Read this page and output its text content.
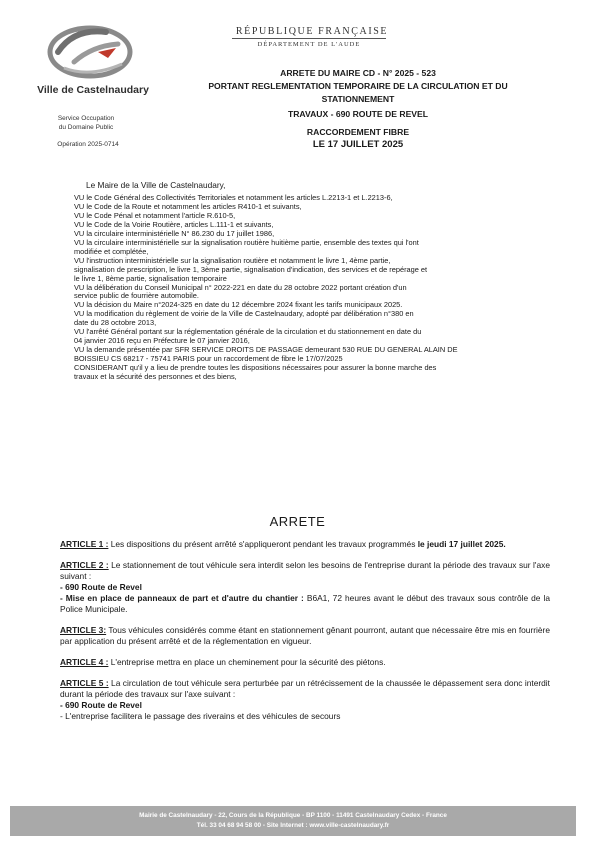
Ville de Castelnaudary
Service Occupation
du Domaine Public
Opération 2025-0714
RÉPUBLIQUE FRANÇAISE
DÉPARTEMENT DE L'AUDE
ARRETE DU MAIRE CD - N° 2025 - 523
PORTANT REGLEMENTATION TEMPORAIRE DE LA CIRCULATION ET DU
STATIONNEMENT
TRAVAUX - 690 ROUTE DE REVEL
RACCORDEMENT FIBRE
LE 17 JUILLET 2025
Le Maire de la Ville de Castelnaudary,

VU le Code Général des Collectivités Territoriales et notamment les articles L.2213-1 et L.2213-6,

VU le Code de la Route et notamment les articles R410-1 et suivants,

VU le Code Pénal et notamment l'article R.610-5,

VU le Code de la Voirie Routière, articles L.111-1 et suivants,

VU la circulaire interministérielle N° 86.230 du 17 juillet 1986,

VU la circulaire interministérielle sur la signalisation routière huitième partie, ensemble des textes qui l'ont

modifiée et complétée,

VU l'instruction interministérielle sur la signalisation routière et notamment le livre 1, 4ème partie,

signalisation de prescription, le livre 1, 3ème partie, signalisation d'indication, des services et de repérage et

le livre 1, 8ème partie, signalisation temporaire

VU la délibération du Conseil Municipal n° 2022-221 en date du 28 octobre 2022 portant création d'un

service public de fourrière automobile.

VU la décision du Maire n°2024-325 en date du 12 décembre 2024 fixant les tarifs municipaux 2025.

VU la modification du règlement de voirie de la Ville de Castelnaudary, adopté par délibération n°380 en

date du 28 octobre 2013,

VU l'arrêté Général portant sur la réglementation générale de la circulation et du stationnement en date du

04 janvier 2016 reçu en Préfecture le 07 janvier 2016,

VU la demande présentée par SFR SERVICE DROITS DE PASSAGE demeurant 530 RUE DU GENERAL ALAIN DE

BOISSIEU CS 68217 - 75741 PARIS pour un raccordement de fibre le 17/07/2025

CONSIDERANT qu'il y a lieu de prendre toutes les dispositions nécessaires pour assurer la bonne marche des

travaux et la sécurité des personnes et des biens,

ARRETE

ARTICLE 1 : Les dispositions du présent arrêté s'appliqueront pendant les travaux programmés le jeudi 17 juillet 2025.

ARTICLE 2 : Le stationnement de tout véhicule sera interdit selon les besoins de l'entreprise durant la période des travaux sur l'axe suivant :
- 690 Route de Revel
- Mise en place de panneaux de part et d'autre du chantier : B6A1, 72 heures avant le début des travaux sous contrôle de la Police Municipale.

ARTICLE 3: Tous véhicules considérés comme étant en stationnement gênant pourront, autant que nécessaire être mis en fourrière par application du présent arrêté et de la réglementation en vigueur.

ARTICLE 4 : L'entreprise mettra en place un cheminement pour la sécurité des piétons.

ARTICLE 5 : La circulation de tout véhicule sera perturbée par un rétrécissement de la chaussée le dépassement sera donc interdit durant la période des travaux sur l'axe suivant :
- 690 Route de Revel
- L'entreprise facilitera le passage des riverains et des véhicules de secours

Mairie de Castelnaudary - 22, Cours de la République - BP 1100 - 11491 Castelnaudary Cedex - France
Tél. 33 04 68 94 58 00 - Site Internet : www.ville-castelnaudary.fr
